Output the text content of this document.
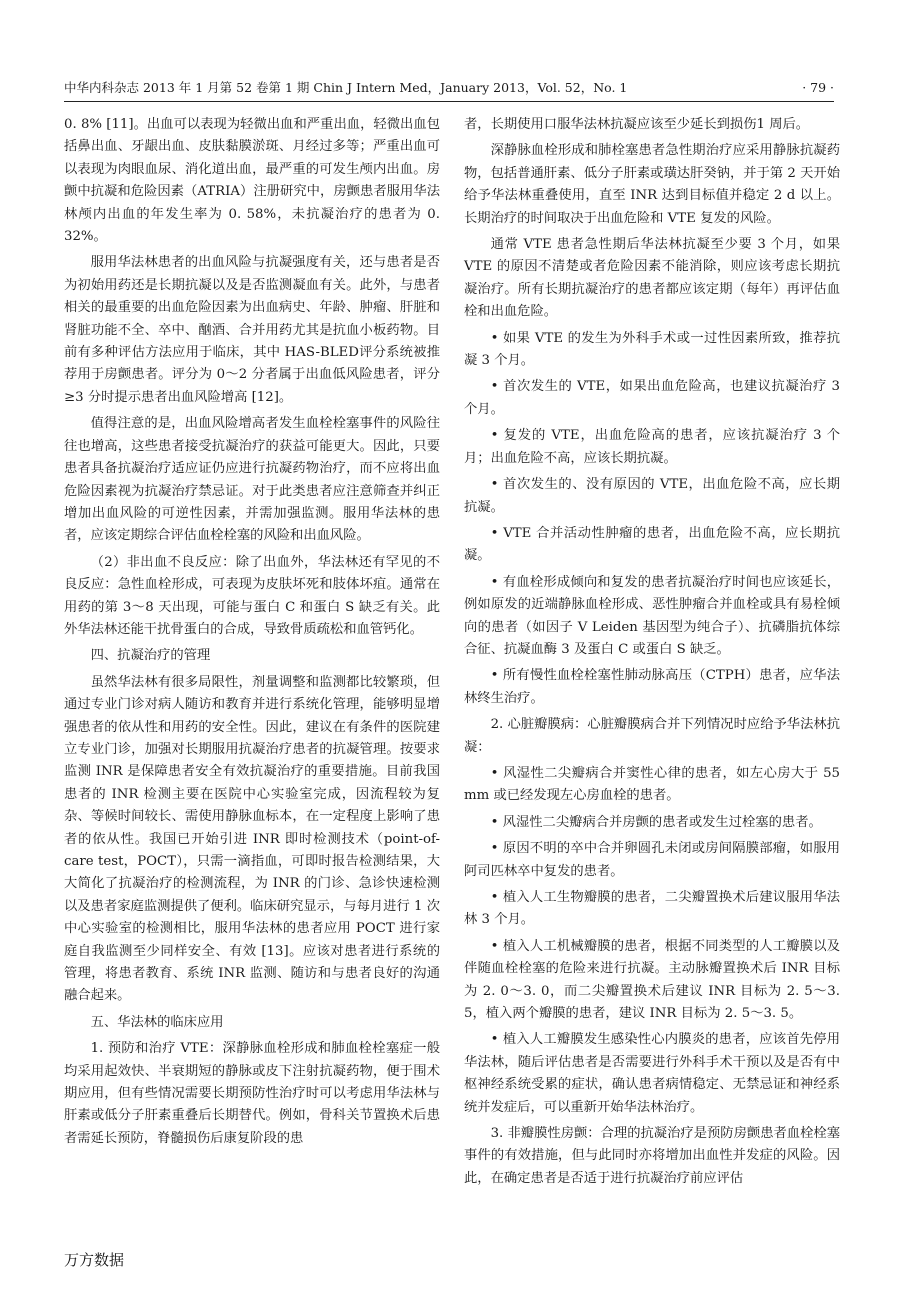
中华内科杂志 2013 年 1 月第 52 卷第 1 期 Chin J Intern Med，January 2013，Vol. 52，No. 1	· 79 ·

0. 8% [11]。出血可以表现为轻微出血和严重出血，轻微出血包括鼻出血、牙龈出血、皮肤黏膜淤斑、月经过多等；严重出血可以表现为肉眼血尿、消化道出血，最严重的可发生颅内出血。房颤中抗凝和危险因素（ATRIA）注册研究中，房颤患者服用华法林颅内出血的年发生率为 0. 58%，未抗凝治疗的患者为 0. 32%。

服用华法林患者的出血风险与抗凝强度有关，还与患者是否为初始用药还是长期抗凝以及是否监测凝血有关。此外，与患者相关的最重要的出血危险因素为出血病史、年龄、肿瘤、肝脏和肾脏功能不全、卒中、酗酒、合并用药尤其是抗血小板药物。目前有多种评估方法应用于临床，其中 HAS-BLED评分系统被推荐用于房颤患者。评分为 0～2 分者属于出血低风险患者，评分≥3 分时提示患者出血风险增高 [12]。

值得注意的是，出血风险增高者发生血栓栓塞事件的风险往往也增高，这些患者接受抗凝治疗的获益可能更大。因此，只要患者具备抗凝治疗适应证仍应进行抗凝药物治疗，而不应将出血危险因素视为抗凝治疗禁忌证。对于此类患者应注意筛查并纠正增加出血风险的可逆性因素，并需加强监测。服用华法林的患者，应该定期综合评估血栓栓塞的风险和出血风险。

（2）非出血不良反应：除了出血外，华法林还有罕见的不良反应：急性血栓形成，可表现为皮肤坏死和肢体坏疽。通常在用药的第 3～8 天出现，可能与蛋白 C 和蛋白 S 缺乏有关。此外华法林还能干扰骨蛋白的合成，导致骨质疏松和血管钙化。

四、抗凝治疗的管理

虽然华法林有很多局限性，剂量调整和监测都比较繁琐，但通过专业门诊对病人随访和教育并进行系统化管理，能够明显增强患者的依从性和用药的安全性。因此，建议在有条件的医院建立专业门诊，加强对长期服用抗凝治疗患者的抗凝管理。按要求监测 INR 是保障患者安全有效抗凝治疗的重要措施。目前我国患者的 INR 检测主要在医院中心实验室完成，因流程较为复杂、等候时间较长、需使用静脉血标本，在一定程度上影响了患者的依从性。我国已开始引进 INR 即时检测技术（point-of-care test，POCT），只需一滴指血，可即时报告检测结果，大大简化了抗凝治疗的检测流程，为 INR 的门诊、急诊快速检测以及患者家庭监测提供了便利。临床研究显示，与每月进行 1 次中心实验室的检测相比，服用华法林的患者应用 POCT 进行家庭自我监测至少同样安全、有效 [13]。应该对患者进行系统的管理，将患者教育、系统 INR 监测、随访和与患者良好的沟通融合起来。

五、华法林的临床应用

1. 预防和治疗 VTE：深静脉血栓形成和肺血栓栓塞症一般均采用起效快、半衰期短的静脉或皮下注射抗凝药物，便于围术期应用，但有些情况需要长期预防性治疗时可以考虑用华法林与肝素或低分子肝素重叠后长期替代。例如，骨科关节置换术后患者需延长预防，脊髓损伤后康复阶段的患

者，长期使用口服华法林抗凝应该至少延长到损伤1 周后。

深静脉血栓形成和肺栓塞患者急性期治疗应采用静脉抗凝药物，包括普通肝素、低分子肝素或璜达肝癸钠，并于第 2 天开始给予华法林重叠使用，直至 INR 达到目标值并稳定 2 d 以上。长期治疗的时间取决于出血危险和 VTE 复发的风险。

通常 VTE 患者急性期后华法林抗凝至少要 3 个月，如果 VTE 的原因不清楚或者危险因素不能消除，则应该考虑长期抗凝治疗。所有长期抗凝治疗的患者都应该定期（每年）再评估血栓和出血危险。

• 如果 VTE 的发生为外科手术或一过性因素所致，推荐抗凝 3 个月。

• 首次发生的 VTE，如果出血危险高，也建议抗凝治疗 3 个月。

• 复发的 VTE，出血危险高的患者，应该抗凝治疗 3 个月；出血危险不高，应该长期抗凝。

• 首次发生的、没有原因的 VTE，出血危险不高，应长期抗凝。

• VTE 合并活动性肿瘤的患者，出血危险不高，应长期抗凝。

• 有血栓形成倾向和复发的患者抗凝治疗时间也应该延长，例如原发的近端静脉血栓形成、恶性肿瘤合并血栓或具有易栓倾向的患者（如因子 V Leiden 基因型为纯合子）、抗磷脂抗体综合征、抗凝血酶 3 及蛋白 C 或蛋白 S 缺乏。

• 所有慢性血栓栓塞性肺动脉高压（CTPH）患者，应华法林终生治疗。

2. 心脏瓣膜病：心脏瓣膜病合并下列情况时应给予华法林抗凝：

• 风湿性二尖瓣病合并窦性心律的患者，如左心房大于 55 mm 或已经发现左心房血栓的患者。

• 风湿性二尖瓣病合并房颤的患者或发生过栓塞的患者。

• 原因不明的卒中合并卵圆孔未闭或房间隔膜部瘤，如服用阿司匹林卒中复发的患者。

• 植入人工生物瓣膜的患者，二尖瓣置换术后建议服用华法林 3 个月。

• 植入人工机械瓣膜的患者，根据不同类型的人工瓣膜以及伴随血栓栓塞的危险来进行抗凝。主动脉瓣置换术后 INR 目标为 2. 0～3. 0，而二尖瓣置换术后建议 INR 目标为 2. 5～3. 5，植入两个瓣膜的患者，建议 INR 目标为 2. 5～3. 5。

• 植入人工瓣膜发生感染性心内膜炎的患者，应该首先停用华法林，随后评估患者是否需要进行外科手术干预以及是否有中枢神经系统受累的症状，确认患者病情稳定、无禁忌证和神经系统并发症后，可以重新开始华法林治疗。

3. 非瓣膜性房颤：合理的抗凝治疗是预防房颤患者血栓栓塞事件的有效措施，但与此同时亦将增加出血性并发症的风险。因此，在确定患者是否适于进行抗凝治疗前应评估

万方数据
